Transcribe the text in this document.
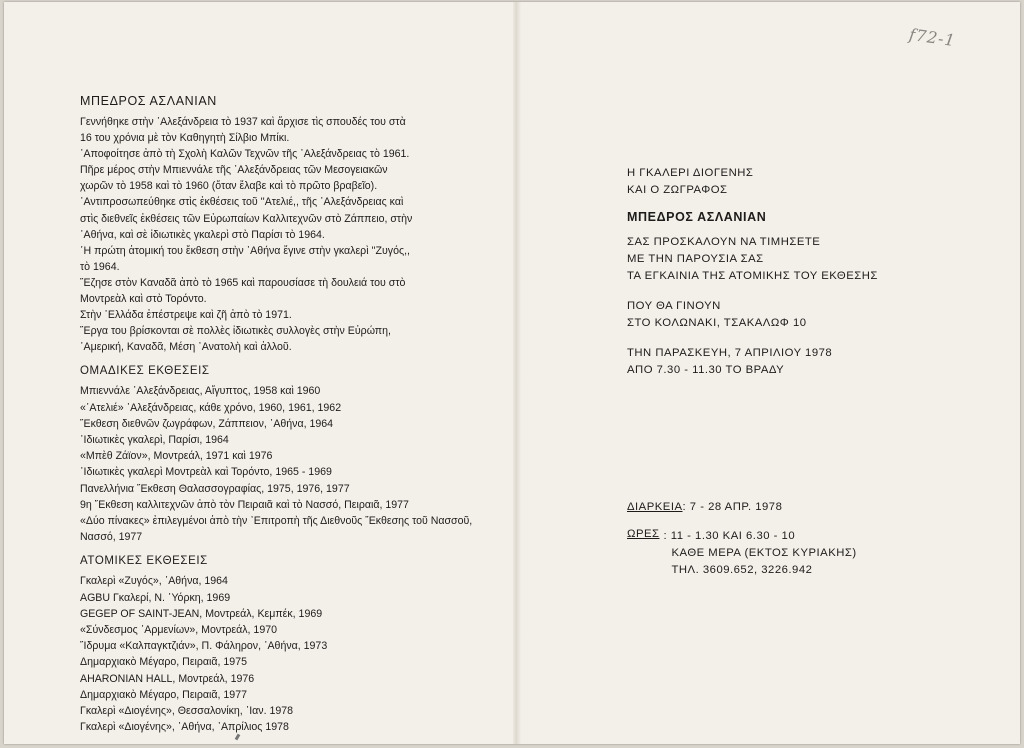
f72-1
ΜΠΕΔΡΟΣ ΑΣΛΑΝΙΑΝ

Γεννήθηκε στὴν ᾿Αλεξάνδρεια τὸ 1937 καὶ ἄρχισε τὶς σπουδές του στὰ

16 του χρόνια μὲ τὸν Καθηγητὴ Σίλβιο Μπίκι.

᾿Αποφοίτησε ἀπὸ τὴ Σχολὴ Καλῶν Τεχνῶν τῆς ᾿Αλεξάνδρειας τὸ 1961.

Πῆρε μέρος στὴν Μπιεννάλε τῆς ᾿Αλεξάνδρειας τῶν Μεσογειακῶν

χωρῶν τὸ 1958 καὶ τὸ 1960 (ὅταν ἔλαβε καὶ τὸ πρῶτο βραβεῖο).

᾿Αντιπροσωπεύθηκε στὶς ἐκθέσεις τοῦ ''Ατελιέ,, τῆς ᾿Αλεξάνδρειας καὶ

στὶς διεθνεῖς ἐκθέσεις τῶν Εὐρωπαίων Καλλιτεχνῶν στὸ Ζάππειο, στὴν

᾿Αθήνα, καὶ σὲ ἰδιωτικὲς γκαλερὶ στὸ Παρίσι τὸ 1964.

῾Η πρώτη ἀτομική του ἔκθεση στὴν ᾿Αθήνα ἔγινε στὴν γκαλερὶ ''Ζυγός,,

τὸ 1964.

῎Εζησε στὸν Καναδᾶ ἀπὸ τὸ 1965 καὶ παρουσίασε τὴ δουλειά του στὸ

Μοντρεὰλ καὶ στὸ Τορόντο.

Στὴν ῾Ελλάδα ἐπέστρεψε καὶ ζῆ ἀπὸ τὸ 1971.

῎Εργα του βρίσκονται σὲ πολλὲς ἰδιωτικὲς συλλογὲς στὴν Εὐρώπη,

᾿Αμερική, Καναδᾶ, Μέση ᾿Ανατολὴ καὶ ἀλλοῦ.

ΟΜΑΔΙΚΕΣ ΕΚΘΕΣΕΙΣ
Μπιεννάλε ᾿Αλεξάνδρειας, Αἴγυπτος, 1958 καὶ 1960
«᾿Ατελιέ» ᾿Αλεξάνδρειας, κάθε χρόνο, 1960, 1961, 1962
῎Εκθεση διεθνῶν ζωγράφων, Ζάππειον, ᾿Αθήνα, 1964
᾿Ιδιωτικὲς γκαλερὶ, Παρίσι, 1964
«Μπὲθ Ζάϊον», Μοντρεάλ, 1971 καὶ 1976
᾿Ιδιωτικὲς γκαλερὶ Μοντρεὰλ καὶ Τορόντο, 1965 - 1969
Πανελλήνια ῎Εκθεση Θαλασσογραφίας, 1975, 1976, 1977
9η ῎Εκθεση καλλιτεχνῶν ἀπὸ τὸν Πειραιᾶ καὶ τὸ Νασσό, Πειραιᾶ, 1977
«Δύο πίνακες» ἐπιλεγμένοι ἀπὸ τὴν ᾿Επιτροπὴ τῆς Διεθνοῦς ῎Εκθεσης τοῦ Νασσοῦ, Νασσό, 1977
ΑΤΟΜΙΚΕΣ ΕΚΘΕΣΕΙΣ
Γκαλερὶ «Ζυγός», ᾿Αθήνα, 1964
AGBU Γκαλερί, Ν. ῾Υόρκη, 1969
GEGEP OF SAINT-JEAN, Μοντρεάλ, Κεμπέκ, 1969
«Σύνδεσμος ᾿Αρμενίων», Μοντρεάλ, 1970
῎Ιδρυμα «Καλπαγκτζιάν», Π. Φάληρον, ᾿Αθήνα, 1973
Δημαρχιακὸ Μέγαρο, Πειραιᾶ, 1975
AHARONIAN HALL, Μοντρεάλ, 1976
Δημαρχιακὸ Μέγαρο, Πειραιᾶ, 1977
Γκαλερὶ «Διογένης», Θεσσαλονίκη, ᾿Ιαν. 1978
Γκαλερὶ «Διογένης», ᾿Αθήνα, ᾿Απρίλιος 1978
Η ΓΚΑΛΕΡΙ ΔΙΟΓΕΝΗΣ
ΚΑΙ Ο ΖΩΓΡΑΦΟΣ
ΜΠΕΔΡΟΣ ΑΣΛΑΝΙΑΝ
ΣΑΣ ΠΡΟΣΚΑΛΟΥΝ ΝΑ ΤΙΜΗΣΕΤΕ
ΜΕ ΤΗΝ ΠΑΡΟΥΣΙΑ ΣΑΣ
ΤΑ ΕΓΚΑΙΝΙΑ ΤΗΣ ΑΤΟΜΙΚΗΣ ΤΟΥ ΕΚΘΕΣΗΣ
ΠΟΥ ΘΑ ΓΙΝΟΥΝ
ΣΤΟ ΚΟΛΩΝΑΚΙ, ΤΣΑΚΑΛΩΦ 10
ΤΗΝ ΠΑΡΑΣΚΕΥΗ, 7 ΑΠΡΙΛΙΟΥ 1978
ΑΠΟ 7.30 - 11.30 ΤΟ ΒΡΑΔΥ
ΔΙΑΡΚΕΙΑ: 7 - 28 ΑΠΡ. 1978
ΩΡΕΣ : 11 - 1.30 ΚΑΙ 6.30 - 10
ΚΑΘΕ ΜΕΡΑ (ΕΚΤΟΣ ΚΥΡΙΑΚΗΣ)
ΤΗΛ. 3609.652, 3226.942
